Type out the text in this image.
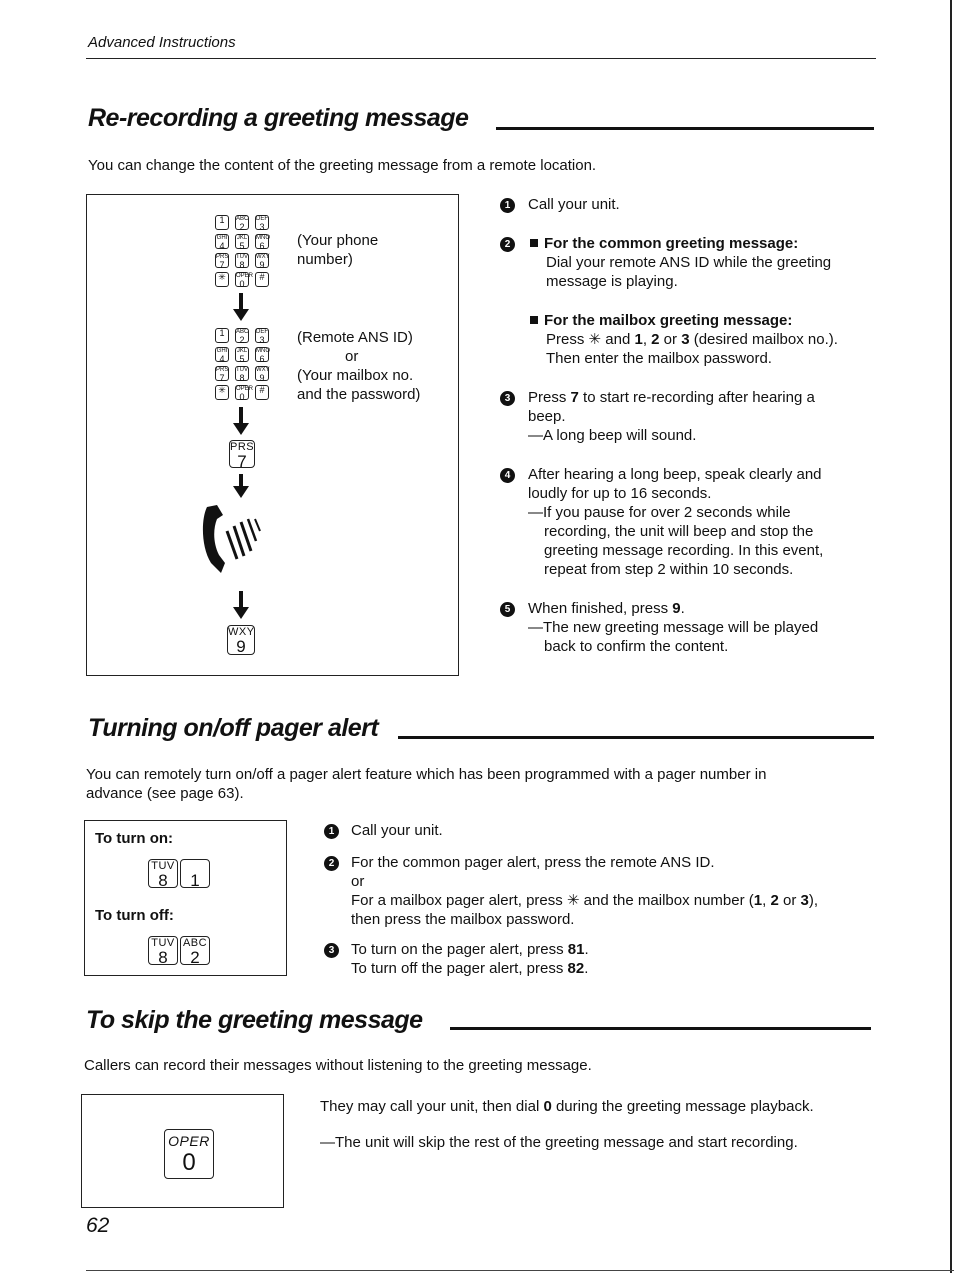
Advanced Instructions
Re-recording a greeting message
You can change the content of the greeting message from a remote location.
1	ABC
2
DEF
3
GHI
4
JKL
5
MNO
6
PRS
7
TUV
8
WXY
9
✳	OPER
0
#
(Your phone
number)
1	ABC
2
DEF
3
GHI
4
JKL
5
MNO
6
PRS
7
TUV
8
WXY
9
✳	OPER
0
#
(Remote ANS ID)
or
(Your mailbox no.
and the password)
PRS
7
WXY
9
1	Call your unit.
2	For the common greeting message:
Dial your remote ANS ID while the greeting
message is playing.
For the mailbox greeting message:
Press ✳ and 1, 2 or 3 (desired mailbox no.).
Then enter the mailbox password.
3	Press 7 to start re-recording after hearing a
beep.
—A long beep will sound.
4	After hearing a long beep, speak clearly and
loudly for up to 16 seconds.
—If you pause for over 2 seconds while
recording, the unit will beep and stop the
greeting message recording. In this event,
repeat from step 2 within 10 seconds.
5	When finished, press 9.
—The new greeting message will be played
back to confirm the content.
Turning on/off pager alert
You can remotely turn on/off a pager alert feature which has been programmed with a pager number in
advance (see page 63).
To turn on:
TUV
8
	1
To turn off:
TUV
8
ABC
2
1	Call your unit.
2	For the common pager alert, press the remote ANS ID.
or
For a mailbox pager alert, press ✳ and the mailbox number (1, 2 or 3),
then press the mailbox password.
3	To turn on the pager alert, press 81.
To turn off the pager alert, press 82.
To skip the greeting message
Callers can record their messages without listening to the greeting message.
OPER
0
They may call your unit, then dial 0 during the greeting message playback.
—The unit will skip the rest of the greeting message and start recording.
62
